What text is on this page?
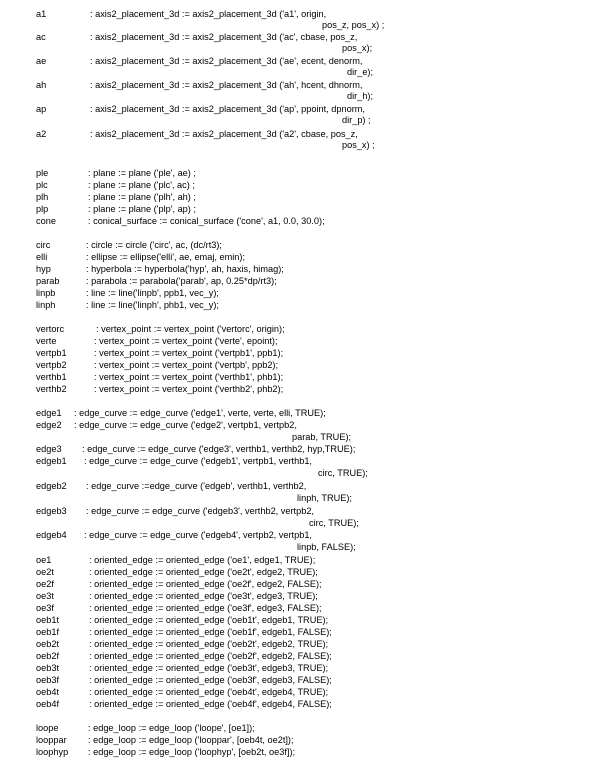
a1	: axis2_placement_3d := axis2_placement_3d ('a1', origin,
pos_z, pos_x) ;
ac	: axis2_placement_3d := axis2_placement_3d ('ac', cbase, pos_z,
pos_x);
ae	: axis2_placement_3d := axis2_placement_3d ('ae', ecent, denorm,
dir_e);
ah	: axis2_placement_3d := axis2_placement_3d ('ah', hcent, dhnorm,
dir_h);
ap	: axis2_placement_3d := axis2_placement_3d ('ap', ppoint, dpnorm,
dir_p) ;
a2	: axis2_placement_3d := axis2_placement_3d ('a2', cbase, pos_z,
pos_x) ;
ple	: plane := plane ('ple', ae) ;
plc	: plane := plane ('plc', ac) ;
plh	: plane := plane ('plh', ah) ;
plp	: plane := plane ('plp', ap) ;
cone	: conical_surface := conical_surface ('cone', a1, 0.0, 30.0);
circ	: circle := circle ('circ', ac, (dc/rt3);
elli	: ellipse := ellipse('elli', ae, emaj, emin);
hyp	: hyperbola := hyperbola('hyp', ah, haxis, himag);
parab	: parabola := parabola('parab', ap, 0.25*dp/rt3);
linpb	: line := line('linpb', ppb1, vec_y);
linph	: line := line('linph', phb1, vec_y);
vertorc	: vertex_point := vertex_point ('vertorc', origin);
verte	: vertex_point := vertex_point ('verte', epoint);
vertpb1	: vertex_point := vertex_point ('vertpb1', ppb1);
vertpb2	: vertex_point := vertex_point ('vertpb', ppb2);
verthb1	: vertex_point := vertex_point ('verthb1', phb1);
verthb2	: vertex_point := vertex_point ('verthb2', phb2);
edge1 : edge_curve := edge_curve ('edge1', verte, verte, elli, TRUE);
edge2 : edge_curve := edge_curve ('edge2', vertpb1, vertpb2,
parab, TRUE);
edge3 : edge_curve := edge_curve ('edge3', verthb1, verthb2, hyp,TRUE);
edgeb1 : edge_curve := edge_curve ('edgeb1', vertpb1, verthb1,
circ, TRUE);
edgeb2 : edge_curve :=edge_curve ('edgeb', verthb1, verthb2,
linph, TRUE);
edgeb3 : edge_curve := edge_curve ('edgeb3', verthb2, vertpb2,
circ, TRUE);
edgeb4 : edge_curve := edge_curve ('edgeb4', vertpb2, vertpb1,
linpb, FALSE);
oe1	: oriented_edge := oriented_edge ('oe1', edge1, TRUE);
oe2t	: oriented_edge := oriented_edge ('oe2t', edge2, TRUE);
oe2f	: oriented_edge := oriented_edge ('oe2f', edge2, FALSE);
oe3t	: oriented_edge := oriented_edge ('oe3t', edge3, TRUE);
oe3f	: oriented_edge := oriented_edge ('oe3f', edge3, FALSE);
oeb1t	: oriented_edge := oriented_edge ('oeb1t', edgeb1, TRUE);
oeb1f	: oriented_edge := oriented_edge ('oeb1f', edgeb1, FALSE);
oeb2t	: oriented_edge := oriented_edge ('oeb2t', edgeb2, TRUE);
oeb2f	: oriented_edge := oriented_edge ('oeb2f', edgeb2, FALSE);
oeb3t	: oriented_edge := oriented_edge ('oeb3t', edgeb3, TRUE);
oeb3f	: oriented_edge := oriented_edge ('oeb3f', edgeb3, FALSE);
oeb4t	: oriented_edge := oriented_edge ('oeb4t', edgeb4, TRUE);
oeb4f	: oriented_edge := oriented_edge ('oeb4f', edgeb4, FALSE);
loope	: edge_loop := edge_loop ('loope', [oe1]);
looppar : edge_loop := edge_loop ('looppar', [oeb4t, oe2t]);
loophyp : edge_loop := edge_loop ('loophyp', [oeb2t, oe3f]);
